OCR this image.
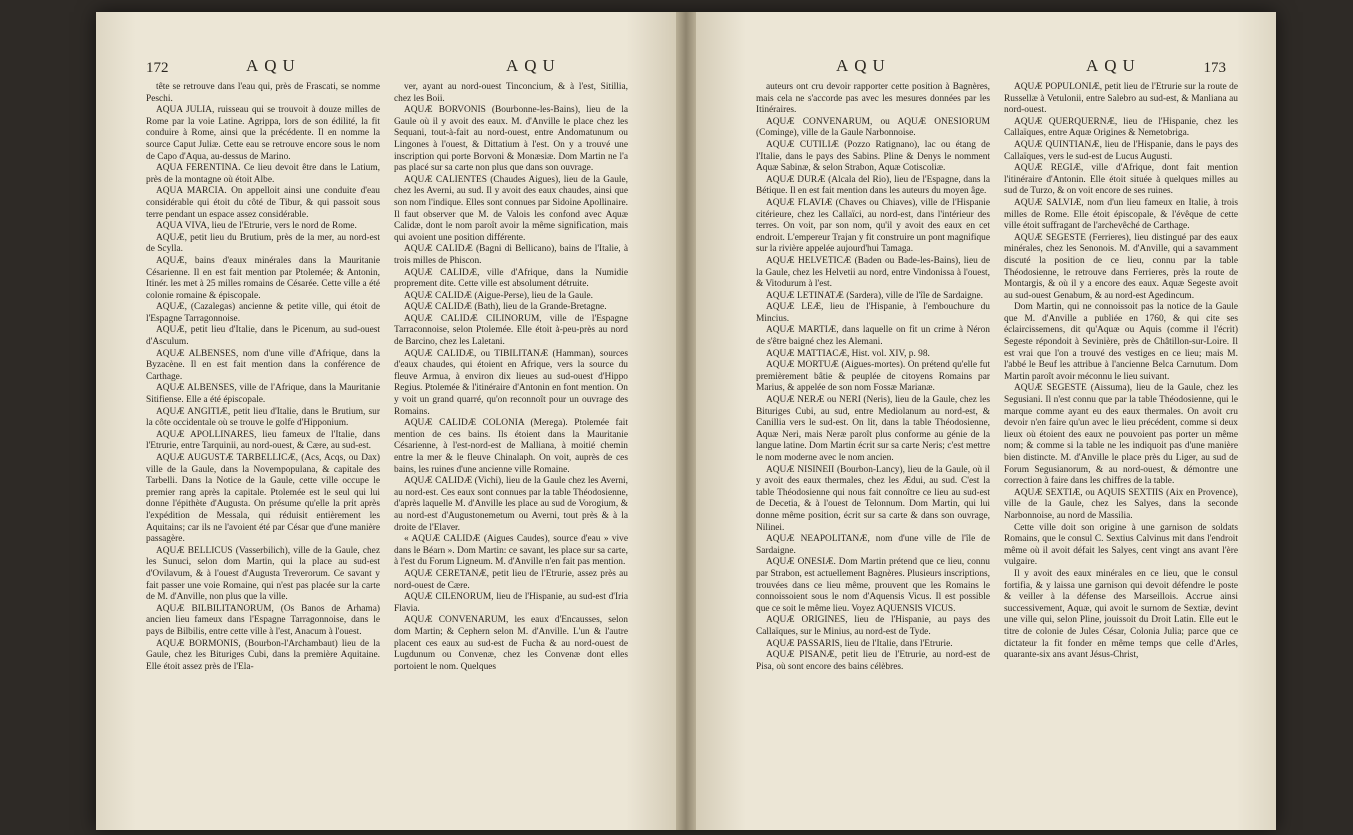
172	AQU	AQU

tête se retrouve dans l'eau qui, près de Frascati, se nomme Peschi.

AQUA JULIA, ruisseau qui se trouvoit à douze milles de Rome par la voie Latine. Agrippa, lors de son édilité, la fit conduire à Rome, ainsi que la précédente. Il en nomme la source Caput Juliæ. Cette eau se retrouve encore sous le nom de Capo d'Aqua, au-dessus de Marino.

AQUA FERENTINA. Ce lieu devoit être dans le Latium, près de la montagne où étoit Albe.

AQUA MARCIA. On appelloit ainsi une conduite d'eau considérable qui étoit du côté de Tibur, & qui passoit sous terre pendant un espace assez considérable.

AQUA VIVA, lieu de l'Etrurie, vers le nord de Rome.

AQUÆ, petit lieu du Brutium, près de la mer, au nord-est de Scylla.

AQUÆ, bains d'eaux minérales dans la Mauritanie Césarienne. Il en est fait mention par Ptolemée; & Antonin, Itinér. les met à 25 milles romains de Césarée. Cette ville a été colonie romaine & épiscopale.

AQUÆ, (Cazalegas) ancienne & petite ville, qui étoit de l'Espagne Tarragonnoise.

AQUÆ, petit lieu d'Italie, dans le Picenum, au sud-ouest d'Asculum.

AQUÆ ALBENSES, nom d'une ville d'Afrique, dans la Byzacène. Il en est fait mention dans la conférence de Carthage.

AQUÆ ALBENSES, ville de l'Afrique, dans la Mauritanie Sitifiense. Elle a été épiscopale.

AQUÆ ANGITIÆ, petit lieu d'Italie, dans le Brutium, sur la côte occidentale où se trouve le golfe d'Hipponium.

AQUÆ APOLLINARES, lieu fameux de l'Italie, dans l'Etrurie, entre Tarquinii, au nord-ouest, & Cære, au sud-est.

AQUÆ AUGUSTÆ TARBELLICÆ, (Acs, Acqs, ou Dax) ville de la Gaule, dans la Novempopulana, & capitale des Tarbelli. Dans la Notice de la Gaule, cette ville occupe le premier rang après la capitale. Ptolemée est le seul qui lui donne l'épithète d'Augusta. On présume qu'elle la prit après l'expédition de Messala, qui réduisit entièrement les Aquitains; car ils ne l'avoient été par César que d'une manière passagère.

AQUÆ BELLICUS (Vasserbilich), ville de la Gaule, chez les Sunuci, selon dom Martin, qui la place au sud-est d'Ovilavum, & à l'ouest d'Augusta Treverorum. Ce savant y fait passer une voie Romaine, qui n'est pas placée sur la carte de M. d'Anville, non plus que la ville.

AQUÆ BILBILITANORUM, (Os Banos de Arhama) ancien lieu fameux dans l'Espagne Tarragonnoise, dans le pays de Bilbilis, entre cette ville à l'est, Anacum à l'ouest.

AQUÆ BORMONIS, (Bourbon-l'Archambaut) lieu de la Gaule, chez les Bituriges Cubi, dans la première Aquitaine. Elle étoit assez près de l'Ela-

ver, ayant au nord-ouest Tinconcium, & à l'est, Sitillia, chez les Boii.

AQUÆ BORVONIS (Bourbonne-les-Bains), lieu de la Gaule où il y avoit des eaux. M. d'Anville le place chez les Sequani, tout-à-fait au nord-ouest, entre Andomatunum ou Lingones à l'ouest, & Dittatium à l'est. On y a trouvé une inscription qui porte Borvoni & Monæsiæ. Dom Martin ne l'a pas placé sur sa carte non plus que dans son ouvrage.

AQUÆ CALIENTES (Chaudes Aigues), lieu de la Gaule, chez les Averni, au sud. Il y avoit des eaux chaudes, ainsi que son nom l'indique. Elles sont connues par Sidoine Apollinaire. Il faut observer que M. de Valois les confond avec Aquæ Calidæ, dont le nom paroît avoir la même signification, mais qui avoient une position différente.

AQUÆ CALIDÆ (Bagni di Bellicano), bains de l'Italie, à trois milles de Phiscon.

AQUÆ CALIDÆ, ville d'Afrique, dans la Numidie proprement dite. Cette ville est absolument détruite.

AQUÆ CALIDÆ (Aigue-Perse), lieu de la Gaule.

AQUÆ CALIDÆ (Bath), lieu de la Grande-Bretagne.

AQUÆ CALIDÆ CILINORUM, ville de l'Espagne Tarraconnoise, selon Ptolemée. Elle étoit à-peu-près au nord de Barcino, chez les Laletani.

AQUÆ CALIDÆ, ou TIBILITANÆ (Hamman), sources d'eaux chaudes, qui étoient en Afrique, vers la source du fleuve Armua, à environ dix lieues au sud-ouest d'Hippo Regius. Ptolemée & l'itinéraire d'Antonin en font mention. On y voit un grand quarré, qu'on reconnoît pour un ouvrage des Romains.

AQUÆ CALIDÆ COLONIA (Merega). Ptolemée fait mention de ces bains. Ils étoient dans la Mauritanie Césarienne, à l'est-nord-est de Malliana, à moitié chemin entre la mer & le fleuve Chinalaph. On voit, auprès de ces bains, les ruines d'une ancienne ville Romaine.

AQUÆ CALIDÆ (Vichi), lieu de la Gaule chez les Averni, au nord-est. Ces eaux sont connues par la table Théodosienne, d'après laquelle M. d'Anville les place au sud de Vorogium, & au nord-est d'Augustonemetum ou Averni, tout près & à la droite de l'Elaver.

« AQUÆ CALIDÆ (Aigues Caudes), source d'eau » vive dans le Béarn ». Dom Martin: ce savant, les place sur sa carte, à l'est du Forum Ligneum. M. d'Anville n'en fait pas mention.

AQUÆ CERETANÆ, petit lieu de l'Etrurie, assez près au nord-ouest de Cære.

AQUÆ CILENORUM, lieu de l'Hispanie, au sud-est d'Iria Flavia.

AQUÆ CONVENARUM, les eaux d'Encausses, selon dom Martin; & Cephern selon M. d'Anville. L'un & l'autre placent ces eaux au sud-est de Fucha & au nord-ouest de Lugdunum ou Convenæ, chez les Convenæ dont elles portoient le nom. Quelques

AQU	AQU	173

auteurs ont cru devoir rapporter cette position à Bagnères, mais cela ne s'accorde pas avec les mesures données par les Itinéraires.

AQUÆ CONVENARUM, ou AQUÆ ONESIORUM (Cominge), ville de la Gaule Narbonnoise.

AQUÆ CUTILIÆ (Pozzo Ratignano), lac ou étang de l'Italie, dans le pays des Sabins. Pline & Denys le nomment Aquæ Sabinæ, & selon Strabon, Aquæ Cotiscoliæ.

AQUÆ DURÆ (Alcala del Rio), lieu de l'Espagne, dans la Bétique. Il en est fait mention dans les auteurs du moyen âge.

AQUÆ FLAVIÆ (Chaves ou Chiaves), ville de l'Hispanie citérieure, chez les Callaïci, au nord-est, dans l'intérieur des terres. On voit, par son nom, qu'il y avoit des eaux en cet endroit. L'empereur Trajan y fit construire un pont magnifique sur la rivière appelée aujourd'hui Tamaga.

AQUÆ HELVETICÆ (Baden ou Bade-les-Bains), lieu de la Gaule, chez les Helvetii au nord, entre Vindonissa à l'ouest, & Vitodurum à l'est.

AQUÆ LETINATÆ (Sardera), ville de l'île de Sardaigne.

AQUÆ LEÆ, lieu de l'Hispanie, à l'embouchure du Mincius.

AQUÆ MARTIÆ, dans laquelle on fit un crime à Néron de s'être baigné chez les Alemani.

AQUÆ MATTIACÆ, Hist. vol. XIV, p. 98.

AQUÆ MORTUÆ (Aigues-mortes). On prétend qu'elle fut premièrement bâtie & peuplée de citoyens Romains par Marius, & appelée de son nom Fossæ Marianæ.

AQUÆ NERÆ ou NERI (Neris), lieu de la Gaule, chez les Bituriges Cubi, au sud, entre Mediolanum au nord-est, & Canillia vers le sud-est. On lit, dans la table Théodosienne, Aquæ Neri, mais Neræ paroît plus conforme au génie de la langue latine. Dom Martin écrit sur sa carte Neris; c'est mettre le nom moderne avec le nom ancien.

AQUÆ NISINEII (Bourbon-Lancy), lieu de la Gaule, où il y avoit des eaux thermales, chez les Ædui, au sud. C'est la table Théodosienne qui nous fait connoître ce lieu au sud-est de Decetia, & à l'ouest de Telonnum. Dom Martin, qui lui donne même position, écrit sur sa carte & dans son ouvrage, Nilinei.

AQUÆ NEAPOLITANÆ, nom d'une ville de l'île de Sardaigne.

AQUÆ ONESIÆ. Dom Martin prétend que ce lieu, connu par Strabon, est actuellement Bagnères. Plusieurs inscriptions, trouvées dans ce lieu même, prouvent que les Romains le connoissoient sous le nom d'Aquensis Vicus. Il est possible que ce soit le même lieu. Voyez AQUENSIS VICUS.

AQUÆ ORIGINES, lieu de l'Hispanie, au pays des Callaïques, sur le Minius, au nord-est de Tyde.

AQUÆ PASSARIS, lieu de l'Italie, dans l'Etrurie.

AQUÆ PISANÆ, petit lieu de l'Etrurie, au nord-est de Pisa, où sont encore des bains célèbres.

AQUÆ POPULONIÆ, petit lieu de l'Etrurie sur la route de Russellæ à Vetulonii, entre Salebro au sud-est, & Manliana au nord-ouest.

AQUÆ QUERQUERNÆ, lieu de l'Hispanie, chez les Callaïques, entre Aquæ Origines & Nemetobriga.

AQUÆ QUINTIANÆ, lieu de l'Hispanie, dans le pays des Callaïques, vers le sud-est de Lucus Augusti.

AQUÆ REGIÆ, ville d'Afrique, dont fait mention l'itinéraire d'Antonin. Elle étoit située à quelques milles au sud de Turzo, & on voit encore de ses ruines.

AQUÆ SALVIÆ, nom d'un lieu fameux en Italie, à trois milles de Rome. Elle étoit épiscopale, & l'évêque de cette ville étoit suffragant de l'archevêché de Carthage.

AQUÆ SEGESTE (Ferrieres), lieu distingué par des eaux minérales, chez les Senonois. M. d'Anville, qui a savamment discuté la position de ce lieu, connu par la table Théodosienne, le retrouve dans Ferrieres, près la route de Montargis, & où il y a encore des eaux. Aquæ Segeste avoit au sud-ouest Genabum, & au nord-est Agedincum.

Dom Martin, qui ne connoissoit pas la notice de la Gaule que M. d'Anville a publiée en 1760, & qui cite ses éclaircissemens, dit qu'Aquæ ou Aquis (comme il l'écrit) Segeste répondoit à Sevinière, près de Châtillon-sur-Loire. Il est vrai que l'on a trouvé des vestiges en ce lieu; mais M. l'abbé le Beuf les attribue à l'ancienne Belca Carnutum. Dom Martin paroît avoir méconnu le lieu suivant.

AQUÆ SEGESTE (Aissuma), lieu de la Gaule, chez les Segusiani. Il n'est connu que par la table Théodosienne, qui le marque comme ayant eu des eaux thermales. On avoit cru devoir n'en faire qu'un avec le lieu précédent, comme si deux lieux où étoient des eaux ne pouvoient pas porter un même nom; & comme si la table ne les indiquoit pas d'une manière bien distincte. M. d'Anville le place près du Liger, au sud de Forum Segusianorum, & au nord-ouest, & démontre une correction à faire dans les chiffres de la table.

AQUÆ SEXTIÆ, ou AQUIS SEXTIIS (Aix en Provence), ville de la Gaule, chez les Salyes, dans la seconde Narbonnoise, au nord de Massilia.

Cette ville doit son origine à une garnison de soldats Romains, que le consul C. Sextius Calvinus mit dans l'endroit même où il avoit défait les Salyes, cent vingt ans avant l'ère vulgaire.

Il y avoit des eaux minérales en ce lieu, que le consul fortifia, & y laissa une garnison qui devoit défendre le poste & veiller à la défense des Marseillois. Accrue ainsi successivement, Aquæ, qui avoit le surnom de Sextiæ, devint une ville qui, selon Pline, jouissoit du Droit Latin. Elle eut le titre de colonie de Jules César, Colonia Julia; parce que ce dictateur la fit fonder en même temps que celle d'Arles, quarante-six ans avant Jésus-Christ,
